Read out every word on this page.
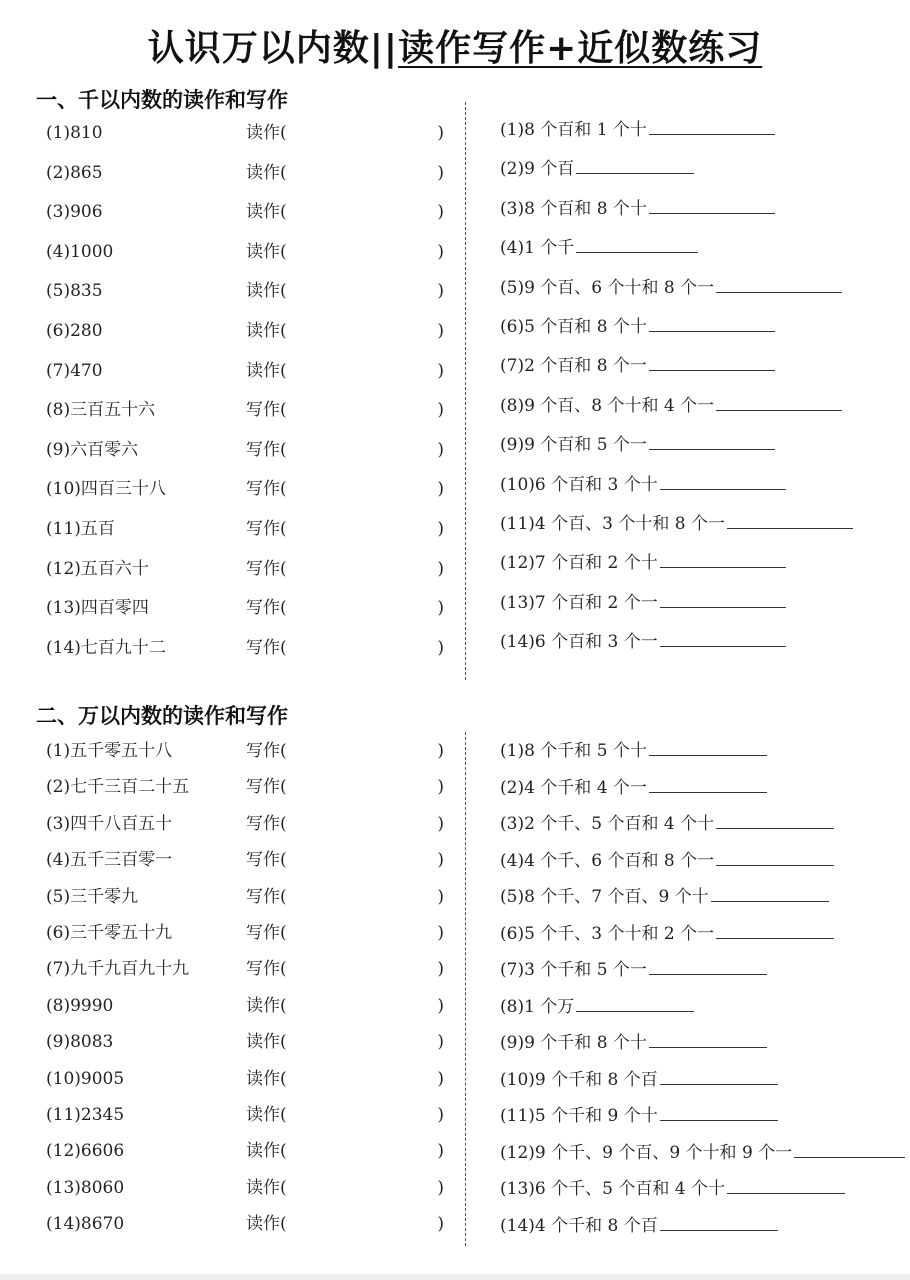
认识万以内数||读作写作+近似数练习
一、千以内数的读作和写作
(1)810	读作(	)
(2)865	读作(	)
(3)906	读作(	)
(4)1000	读作(	)
(5)835	读作(	)
(6)280	读作(	)
(7)470	读作(	)
(8)三百五十六	写作(	)
(9)六百零六	写作(	)
(10)四百三十八	写作(	)
(11)五百	写作(	)
(12)五百六十	写作(	)
(13)四百零四	写作(	)
(14)七百九十二	写作(	)
(1)8 个百和 1 个十
(2)9 个百
(3)8 个百和 8 个十
(4)1 个千
(5)9 个百、6 个十和 8 个一
(6)5 个百和 8 个十
(7)2 个百和 8 个一
(8)9 个百、8 个十和 4 个一
(9)9 个百和 5 个一
(10)6 个百和 3 个十
(11)4 个百、3 个十和 8 个一
(12)7 个百和 2 个十
(13)7 个百和 2 个一
(14)6 个百和 3 个一
二、万以内数的读作和写作
(1)五千零五十八	写作(	)
(2)七千三百二十五	写作(	)
(3)四千八百五十	写作(	)
(4)五千三百零一	写作(	)
(5)三千零九	写作(	)
(6)三千零五十九	写作(	)
(7)九千九百九十九	写作(	)
(8)9990	读作(	)
(9)8083	读作(	)
(10)9005	读作(	)
(11)2345	读作(	)
(12)6606	读作(	)
(13)8060	读作(	)
(14)8670	读作(	)
(1)8 个千和 5 个十
(2)4 个千和 4 个一
(3)2 个千、5 个百和 4 个十
(4)4 个千、6 个百和 8 个一
(5)8 个千、7 个百、9 个十
(6)5 个千、3 个十和 2 个一
(7)3 个千和 5 个一
(8)1 个万
(9)9 个千和 8 个十
(10)9 个千和 8 个百
(11)5 个千和 9 个十
(12)9 个千、9 个百、9 个十和 9 个一
(13)6 个千、5 个百和 4 个十
(14)4 个千和 8 个百
